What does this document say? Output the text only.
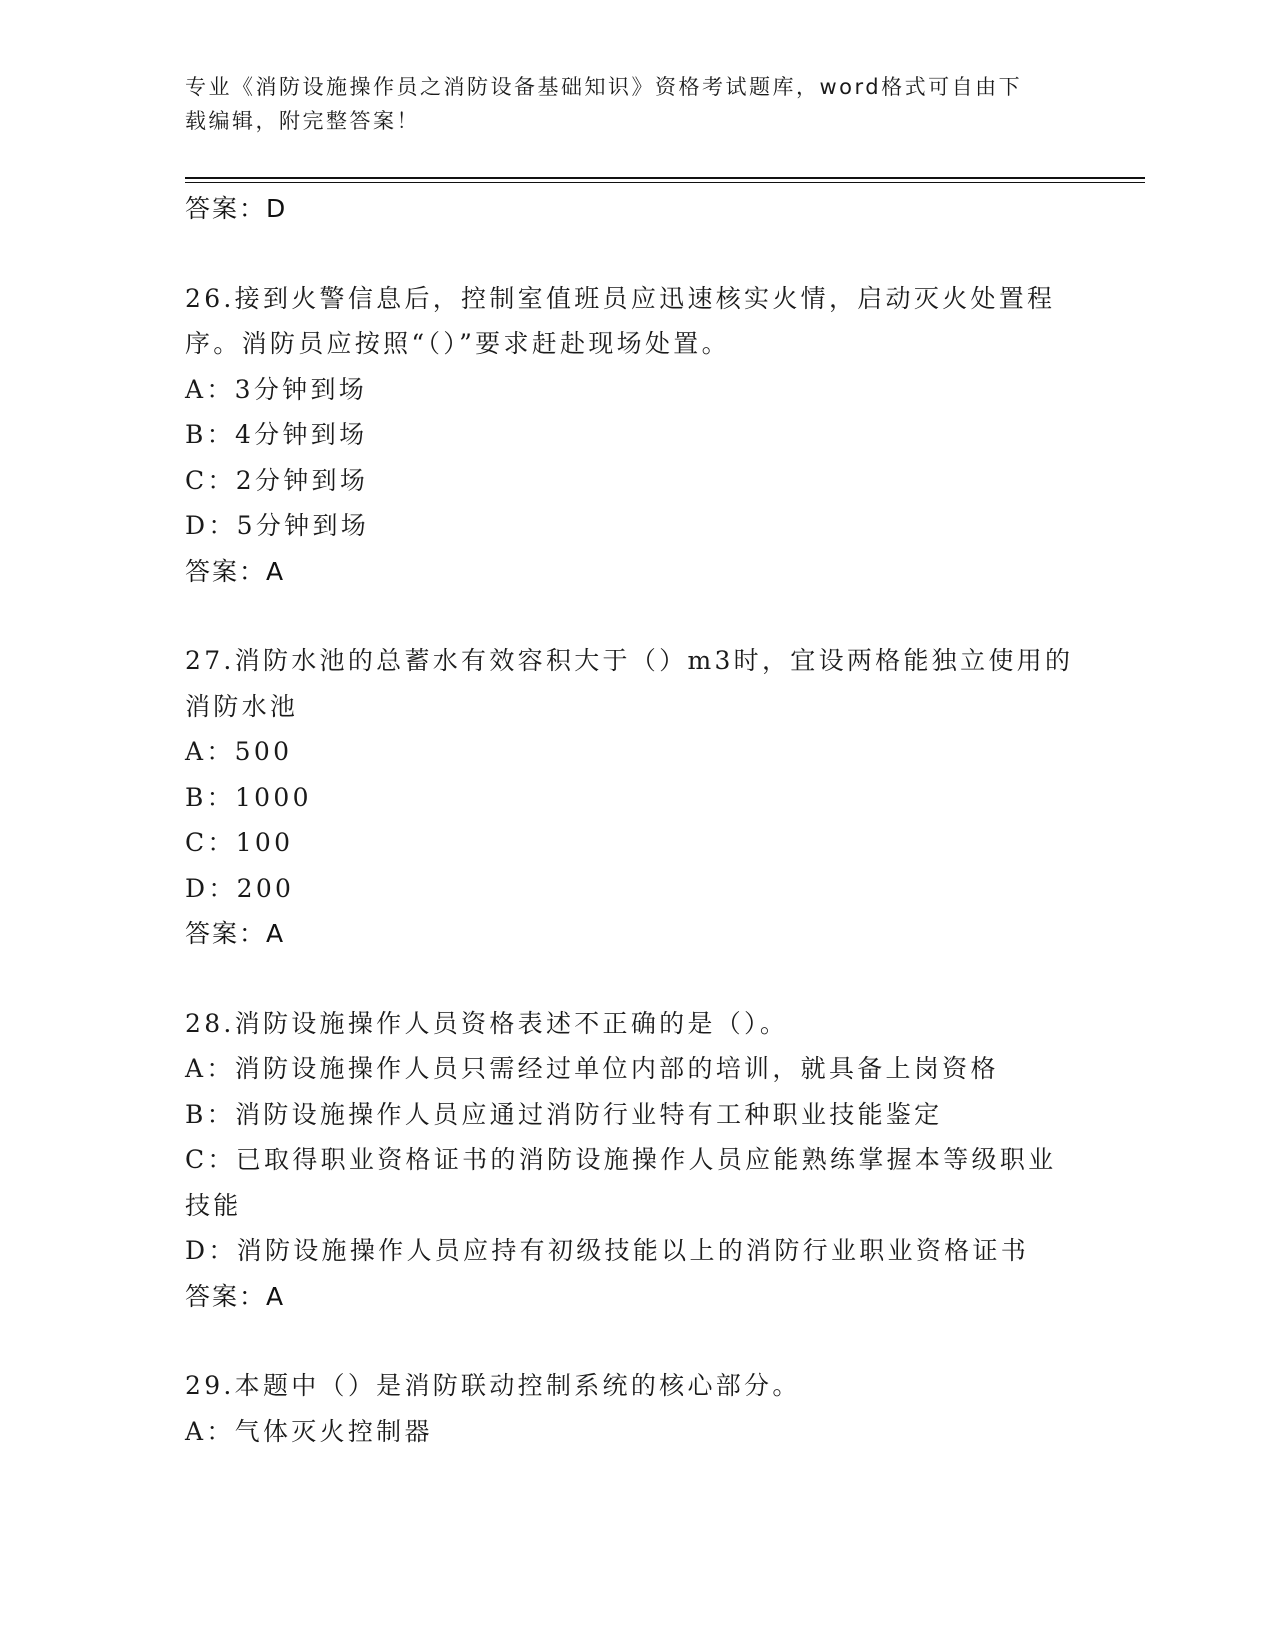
专业《消防设施操作员之消防设备基础知识》资格考试题库，word格式可自由下
载编辑，附完整答案！
答案：D
26.接到火警信息后，控制室值班员应迅速核实火情，启动灭火处置程
序。消防员应按照“（）”要求赶赴现场处置。
A：3分钟到场
B：4分钟到场
C：2分钟到场
D：5分钟到场
答案：A
27.消防水池的总蓄水有效容积大于（）m3时，宜设两格能独立使用的
消防水池
A：500
B：1000
C：100
D：200
答案：A
28.消防设施操作人员资格表述不正确的是（）。
A：消防设施操作人员只需经过单位内部的培训，就具备上岗资格
B：消防设施操作人员应通过消防行业特有工种职业技能鉴定
C：已取得职业资格证书的消防设施操作人员应能熟练掌握本等级职业
技能
D：消防设施操作人员应持有初级技能以上的消防行业职业资格证书
答案：A
29.本题中（）是消防联动控制系统的核心部分。
A：气体灭火控制器
